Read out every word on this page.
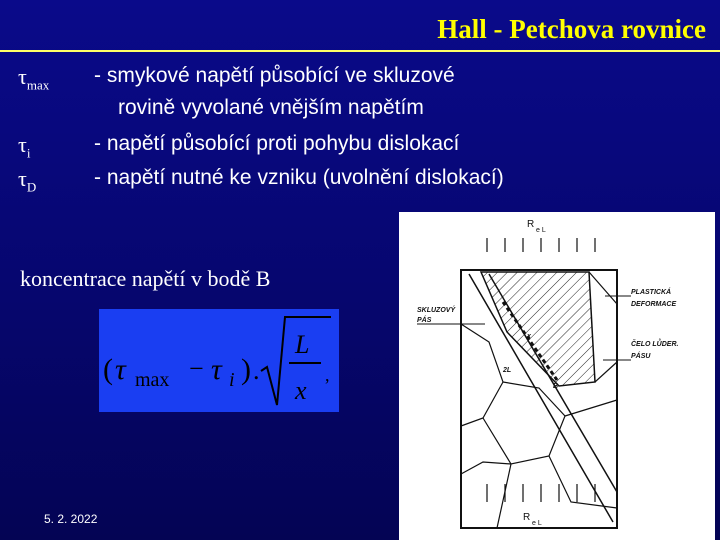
Hall - Petchova rovnice
$\tau_{max}$ - smykové napětí působící ve skluzové
rovině vyvolané vnějším napětím
$\tau_i$	- napětí působící proti pohybu dislokací
$\tau_D$	- napětí nutné ke vzniku (uvolnění dislokací)
koncentrace napětí v bodě B
( τ max − τ i ) .
L
x
,
5. 2. 2022
R
e L
B
x
2L
SKLUZOVÝ
PÁS
PLASTICKÁ
DEFORMACE
ČELO LŮDER.
PÁSU
R
e L
